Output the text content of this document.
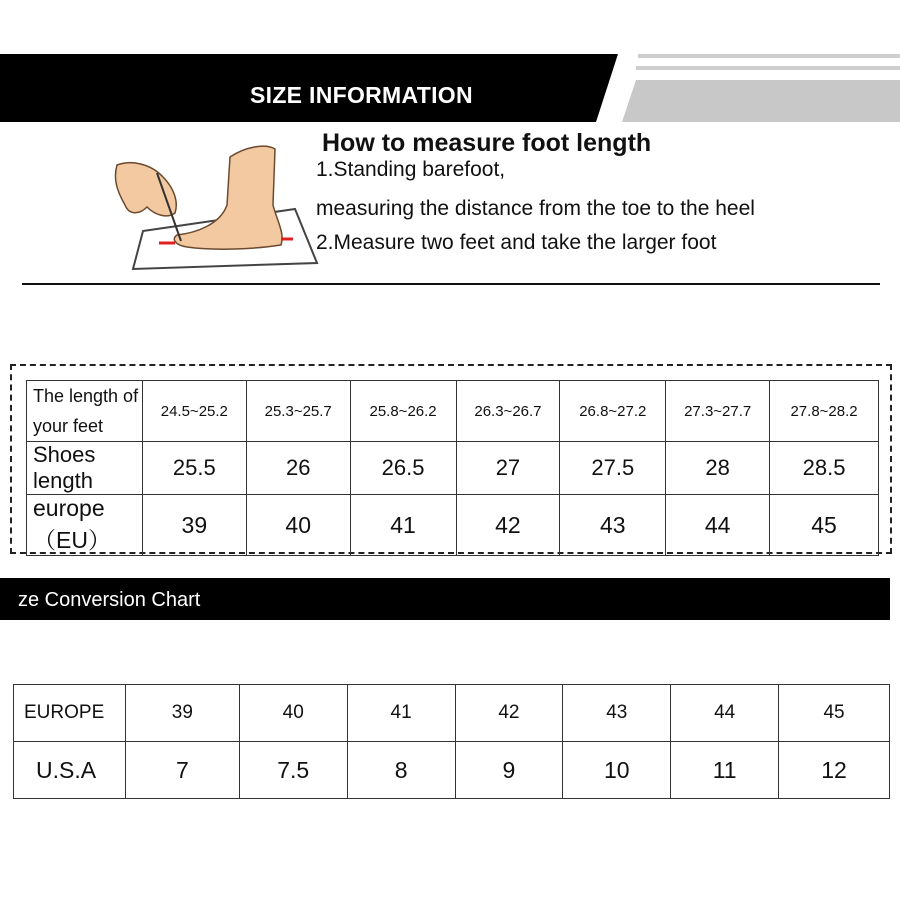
SIZE INFORMATION
How to measure foot length
1.Standing barefoot,
measuring the distance from the toe to the heel
2.Measure two feet and take the larger foot
The length of your feet	24.5~25.2	25.3~25.7	25.8~26.2	26.3~26.7	26.8~27.2	27.3~27.7	27.8~28.2
Shoes length	25.5	26	26.5	27	27.5	28	28.5
europe（EU）	39	40	41	42	43	44	45
ze Conversion Chart
EUROPE	39	40	41	42	43	44	45
U.S.A	7	7.5	8	9	10	11	12
